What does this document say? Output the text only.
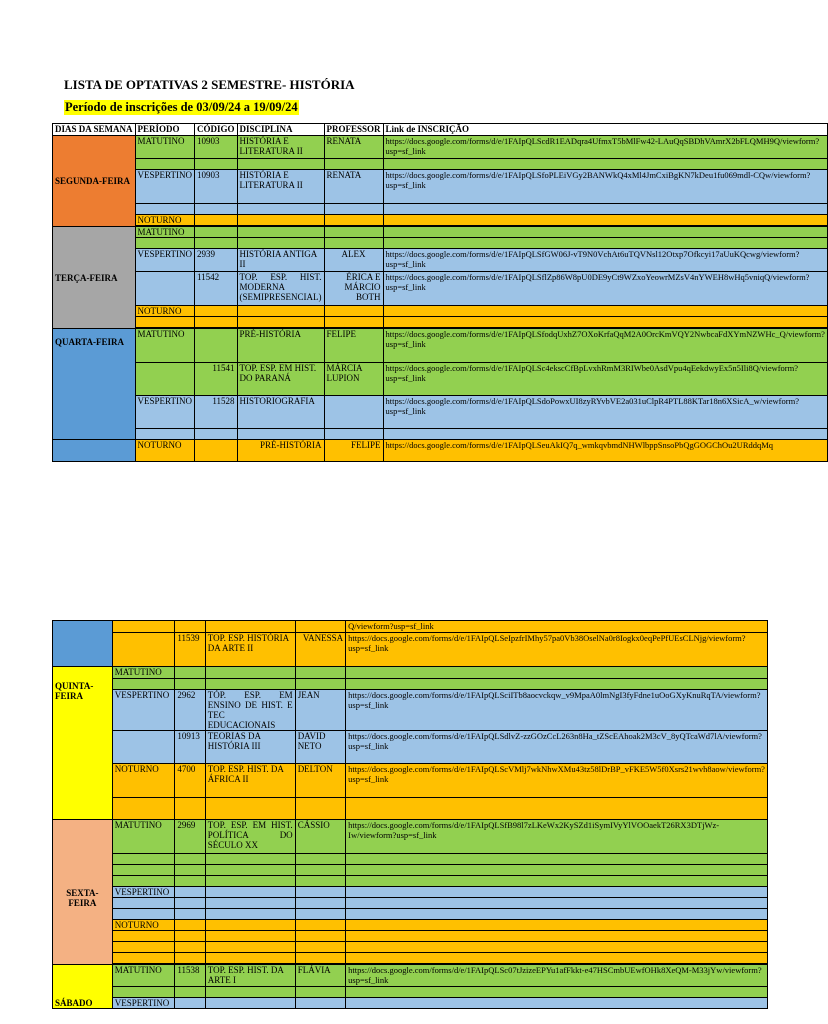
LISTA DE OPTATIVAS 2 SEMESTRE- HISTÓRIA
Período de inscrições de 03/09/24 a 19/09/24
DIAS DA SEMANA	PERÍODO	CÓDIGO	DISCIPLINA	PROFESSOR	Link de INSCRIÇÃO
SEGUNDA-FEIRA	MATUTINO	10903	HISTÓRIA E LITERATURA II	RENATA	https://docs.google.com/forms/d/e/1FAIpQLScdR1EADqra4UfmxT5bMlFw42-LAuQqSBDhVAmrX2bFLQMH9Q/viewform?usp=sf_link

	VESPERTINO	10903	HISTÓRIA E LITERATURA II	RENATA	https://docs.google.com/forms/d/e/1FAIpQLSfoPLEiVGy2BANWkQ4xMl4JmCxiBgKN7kDeu1fu069mdl-CQw/viewform?usp=sf_link

	NOTURNO				

TERÇA-FEIRA	MATUTINO				

	VESPERTINO	2939	HISTÓRIA ANTIGA II	ALEX	https://docs.google.com/forms/d/e/1FAIpQLSfGW06J-vT9N0VchAt6uTQVNsl12Otxp7Ofkcyi17aUuKQcwg/viewform?usp=sf_link
		11542	TOP. ESP. HIST. MODERNA (SEMIPRESENCIAL)	ÉRICA E MÁRCIO BOTH	https://docs.google.com/forms/d/e/1FAIpQLSflZp86W8pU0DE9yCt9WZxoYeowrMZsV4nYWEH8wHq5vniqQ/viewform?usp=sf_link
	NOTURNO				

QUARTA-FEIRA	MATUTINO		PRÉ-HISTÓRIA	FELIPE	https://docs.google.com/forms/d/e/1FAIpQLSfodqUxhZ7OXoKrfaQqM2A0OrcKmVQY2NwbcaFdXYmNZWHc_Q/viewform?usp=sf_link
		11541	TOP. ESP. EM HIST. DO PARANÁ	MÁRCIA LUPION	https://docs.google.com/forms/d/e/1FAIpQLSc4ekscCfBpLvxhRmM3RIWbe0AsdVpu4qEekdwyEx5n5Ili8Q/viewform?usp=sf_link
	VESPERTINO	11528	HISTORIOGRAFIA		https://docs.google.com/forms/d/e/1FAIpQLSdoPowxUI8zyRYvbVE2a031uClpR4PTL88KTar18n6XSicA_w/viewform?usp=sf_link

	NOTURNO		PRÉ-HISTÓRIA	FELIPE	https://docs.google.com/forms/d/e/1FAIpQLSeuAkIQ7q_wmkqvbmdNHWlbppSnsoPbQgGOGChOu2URddqMq
					Q/viewform?usp=sf_link
		11539	TOP. ESP. HISTÓRIA DA ARTE II	VANESSA	https://docs.google.com/forms/d/e/1FAIpQLSeIpzfrIMhy57pa0Vb38OselNa0r8Iogkx0eqPePfUEsCLNjg/viewform?usp=sf_link
QUINTA-FEIRA	MATUTINO				

	VESPERTINO	2962	TÓP. ESP. EM ENSINO DE HIST. E TEC EDUCACIONAIS	JEAN	https://docs.google.com/forms/d/e/1FAIpQLSciITb8aocvckqw_v9MpaA0lmNgI3fyFdne1uOoGXyKnuRqTA/viewform?usp=sf_link
		10913	TEORIAS DA HISTÓRIA III	DAVID NETO	https://docs.google.com/forms/d/e/1FAIpQLSdlvZ-zzGOzCcL263n8Ha_tZScEAhoak2M3cV_8yQTcaWd7lA/viewform?usp=sf_link
	NOTURNO	4700	TOP. ESP. HIST. DA ÁFRICA II	DELTON	https://docs.google.com/forms/d/e/1FAIpQLScVMlj7wkNhwXMu43tz58lDrBP_vFKE5W5f0Xsrs21wvh8aow/viewform?usp=sf_link

SEXTA-FEIRA	MATUTINO	2969	TOP. ESP. EM HIST. POLÍTICA DO SÉCULO XX	CÁSSIO	https://docs.google.com/forms/d/e/1FAIpQLSfB98l7zLKeWx2KySZd1iSymIVyYlVOOaekT26RX3DTjWz-Iw/viewform?usp=sf_link

	VESPERTINO				

	NOTURNO				

SÁBADO	MATUTINO	11538	TOP. ESP. HIST. DA ARTE I	FLÁVIA	https://docs.google.com/forms/d/e/1FAIpQLSc07tJzizeEPYu1afFkkt-e47HSCmbUEwfOHk8XeQM-M33jYw/viewform?usp=sf_link

	VESPERTINO				
